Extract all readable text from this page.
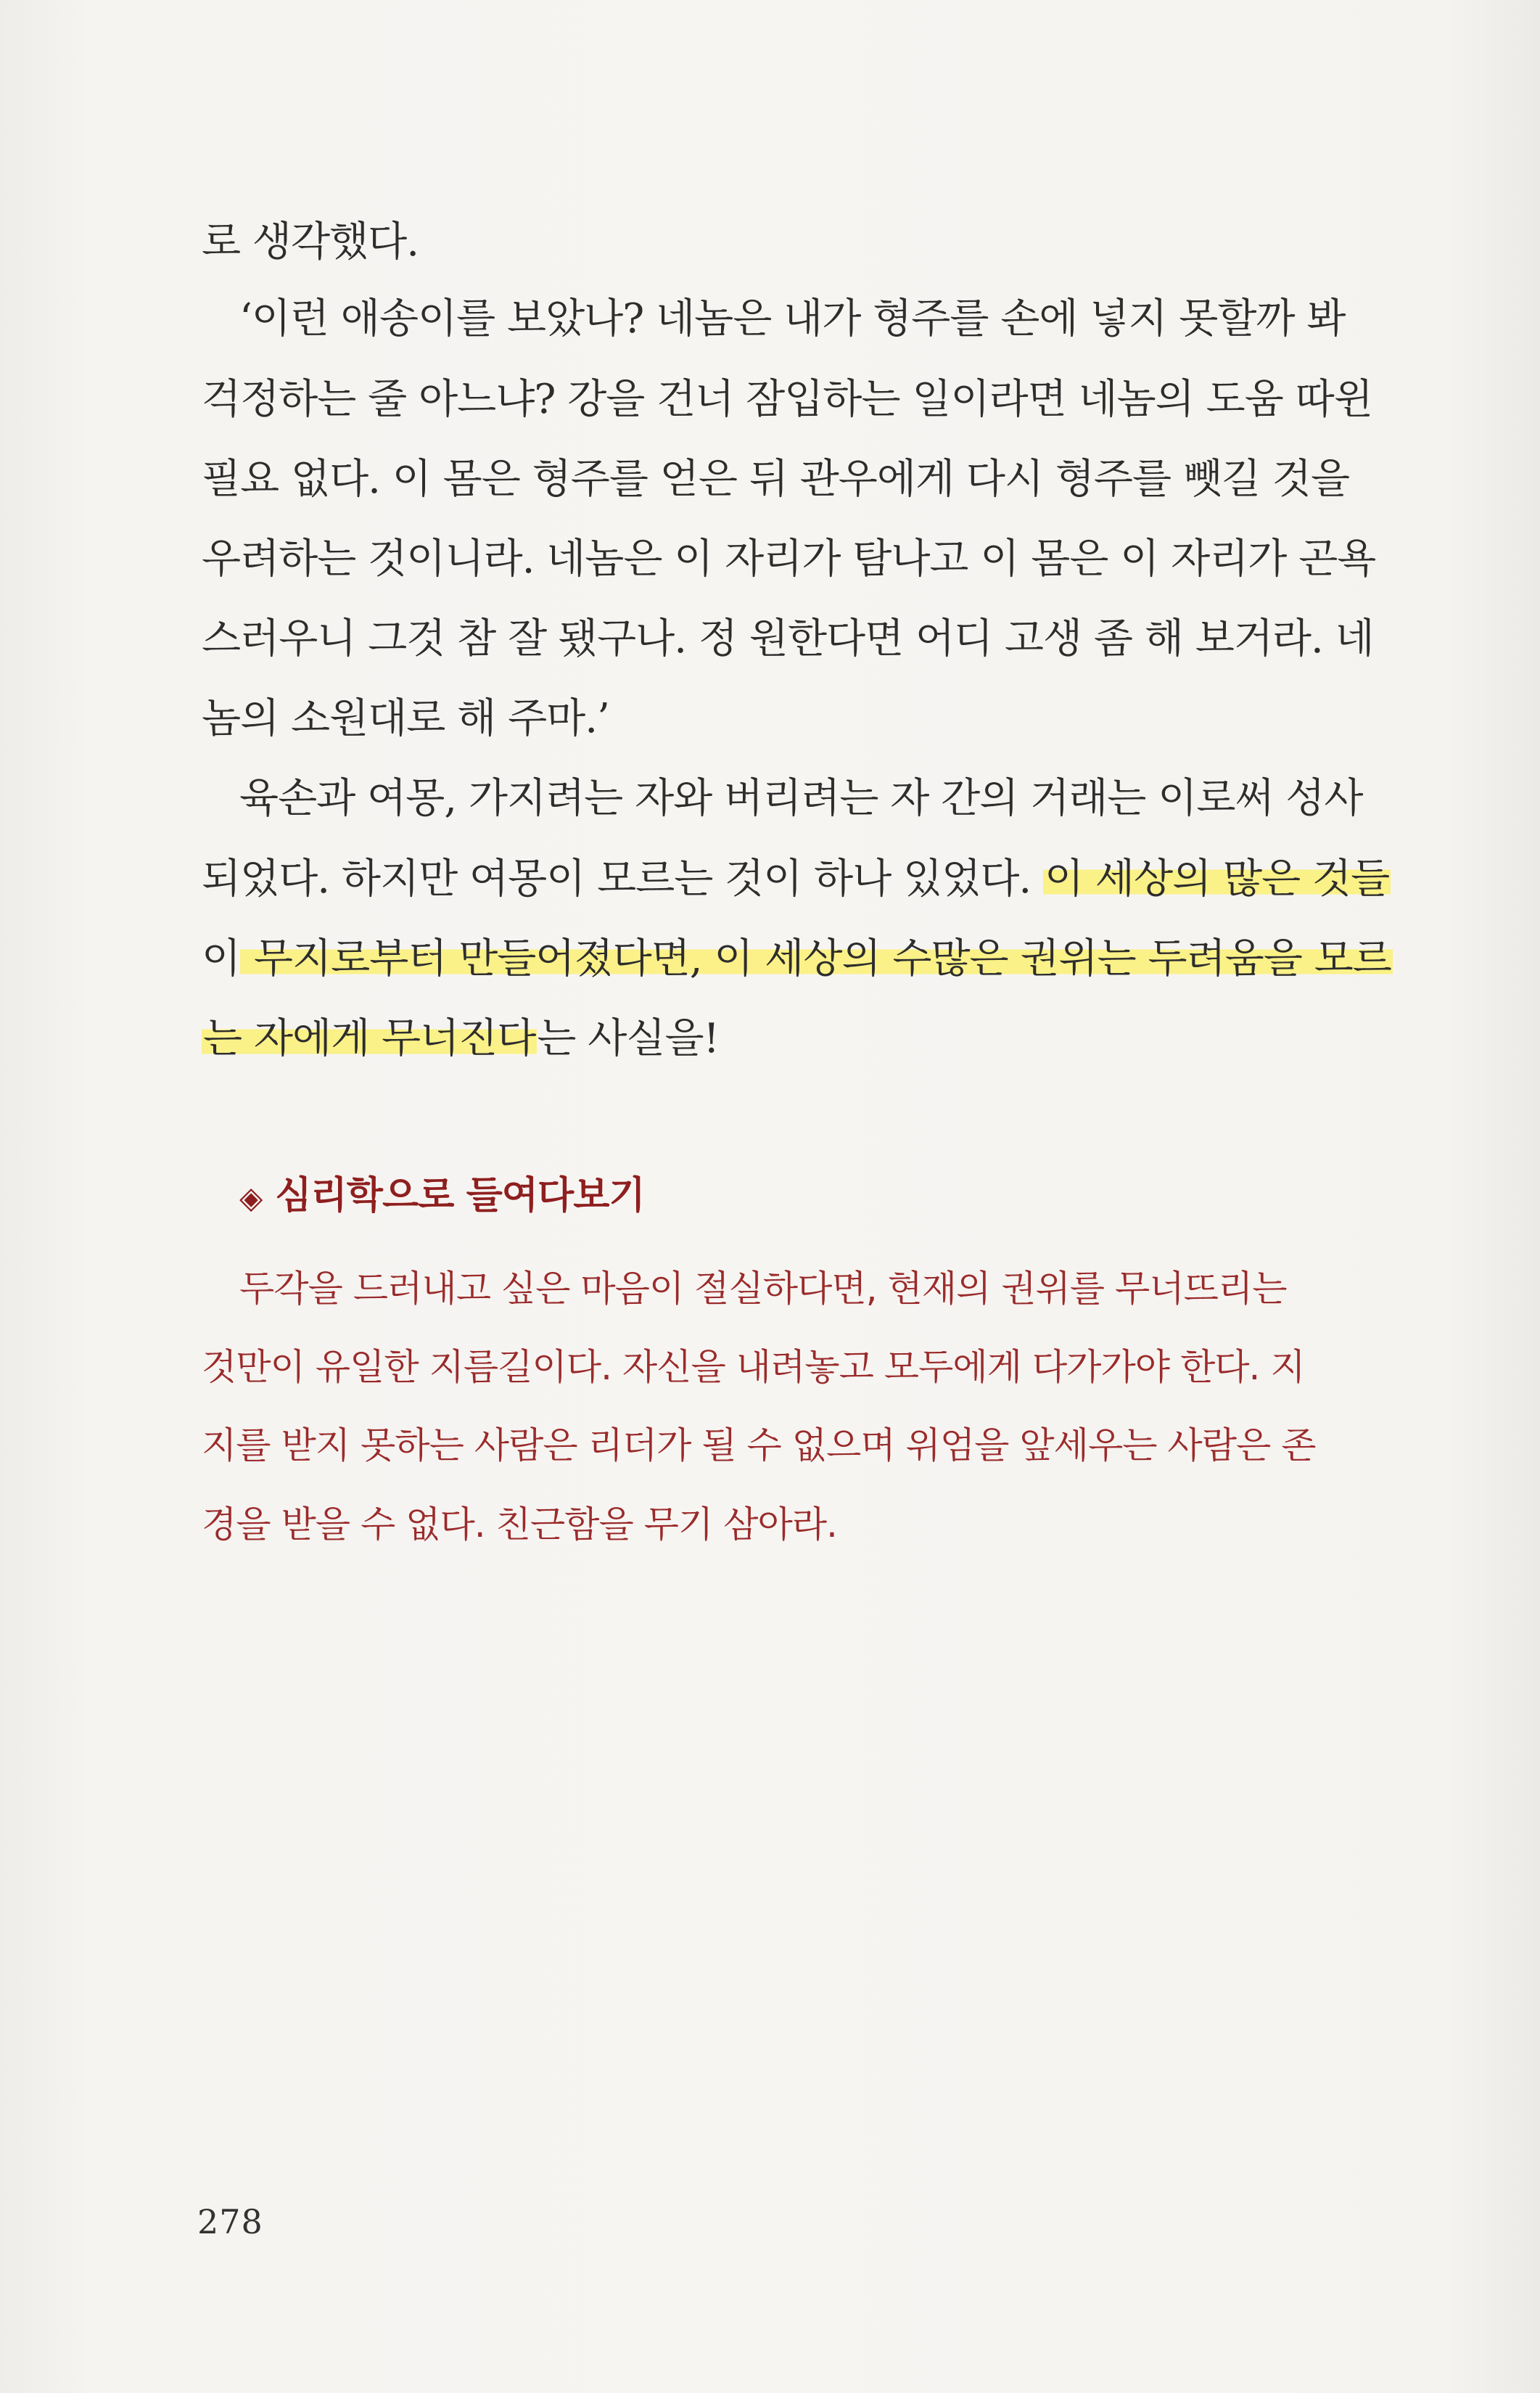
로 생각했다.
‘이런 애송이를 보았나? 네놈은 내가 형주를 손에 넣지 못할까 봐
걱정하는 줄 아느냐? 강을 건너 잠입하는 일이라면 네놈의 도움 따윈
필요 없다. 이 몸은 형주를 얻은 뒤 관우에게 다시 형주를 뺏길 것을
우려하는 것이니라. 네놈은 이 자리가 탐나고 이 몸은 이 자리가 곤욕
스러우니 그것 참 잘 됐구나. 정 원한다면 어디 고생 좀 해 보거라. 네
놈의 소원대로 해 주마.’
육손과 여몽, 가지려는 자와 버리려는 자 간의 거래는 이로써 성사
되었다. 하지만 여몽이 모르는 것이 하나 있었다. 이 세상의 많은 것들
이 무지로부터 만들어졌다면, 이 세상의 수많은 권위는 두려움을 모르
는 자에게 무너진다는 사실을!
◈ 심리학으로 들여다보기
두각을 드러내고 싶은 마음이 절실하다면, 현재의 권위를 무너뜨리는
것만이 유일한 지름길이다. 자신을 내려놓고 모두에게 다가가야 한다. 지
지를 받지 못하는 사람은 리더가 될 수 없으며 위엄을 앞세우는 사람은 존
경을 받을 수 없다. 친근함을 무기 삼아라.
278
